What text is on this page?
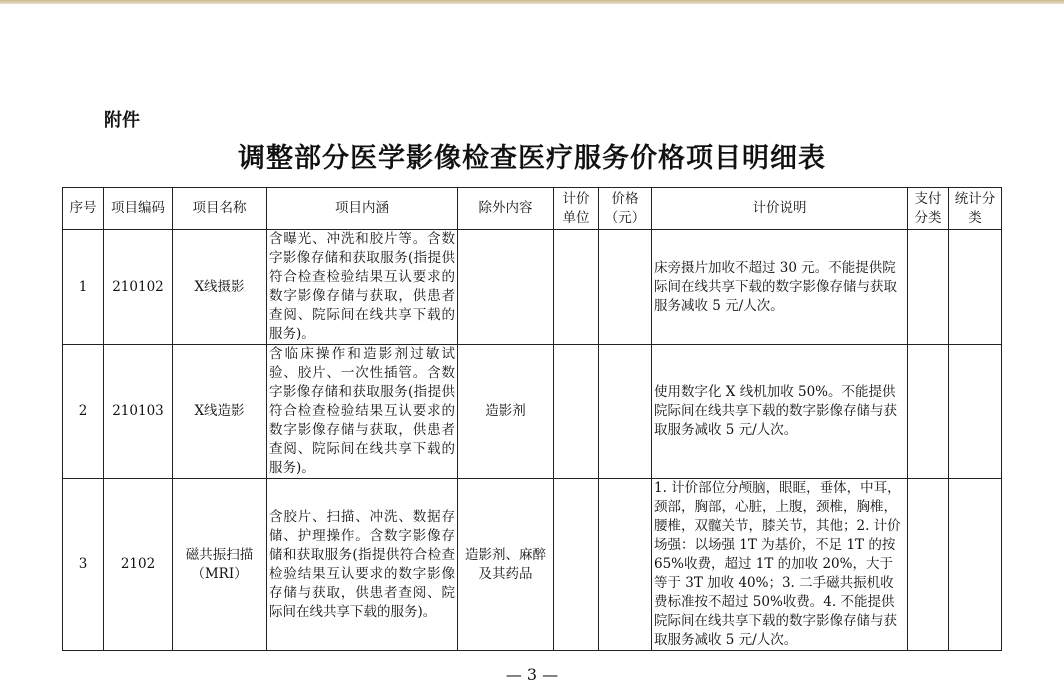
附件
调整部分医学影像检查医疗服务价格项目明细表
序号	项目编码	项目名称	项目内涵	除外内容	计价单位	价格（元）	计价说明	支付分类	统计分类
1	210102	X线摄影	含曝光、冲洗和胶片等。含数字影像存储和获取服务(指提供符合检查检验结果互认要求的数字影像存储与获取，供患者查阅、院际间在线共享下载的服务)。				床旁摄片加收不超过 30 元。不能提供院际间在线共享下载的数字影像存储与获取服务减收 5 元/人次。		
2	210103	X线造影	含临床操作和造影剂过敏试验、胶片、一次性插管。含数字影像存储和获取服务(指提供符合检查检验结果互认要求的数字影像存储与获取，供患者查阅、院际间在线共享下载的服务)。	造影剂			使用数字化 X 线机加收 50%。不能提供院际间在线共享下载的数字影像存储与获取服务减收 5 元/人次。		
3	2102	磁共振扫描（MRI）	含胶片、扫描、冲洗、数据存储、护理操作。含数字影像存储和获取服务(指提供符合检查检验结果互认要求的数字影像存储与获取，供患者查阅、院际间在线共享下载的服务)。	造影剂、麻醉及其药品			1. 计价部位分颅脑，眼眶，垂体，中耳，颈部，胸部，心脏，上腹，颈椎，胸椎，腰椎，双髋关节，膝关节，其他；2. 计价场强：以场强 1T 为基价，不足 1T 的按 65%收费，超过 1T 的加收 20%，大于等于 3T 加收 40%；3. 二手磁共振机收费标准按不超过 50%收费。4. 不能提供院际间在线共享下载的数字影像存储与获取服务减收 5 元/人次。		
— 3 —
